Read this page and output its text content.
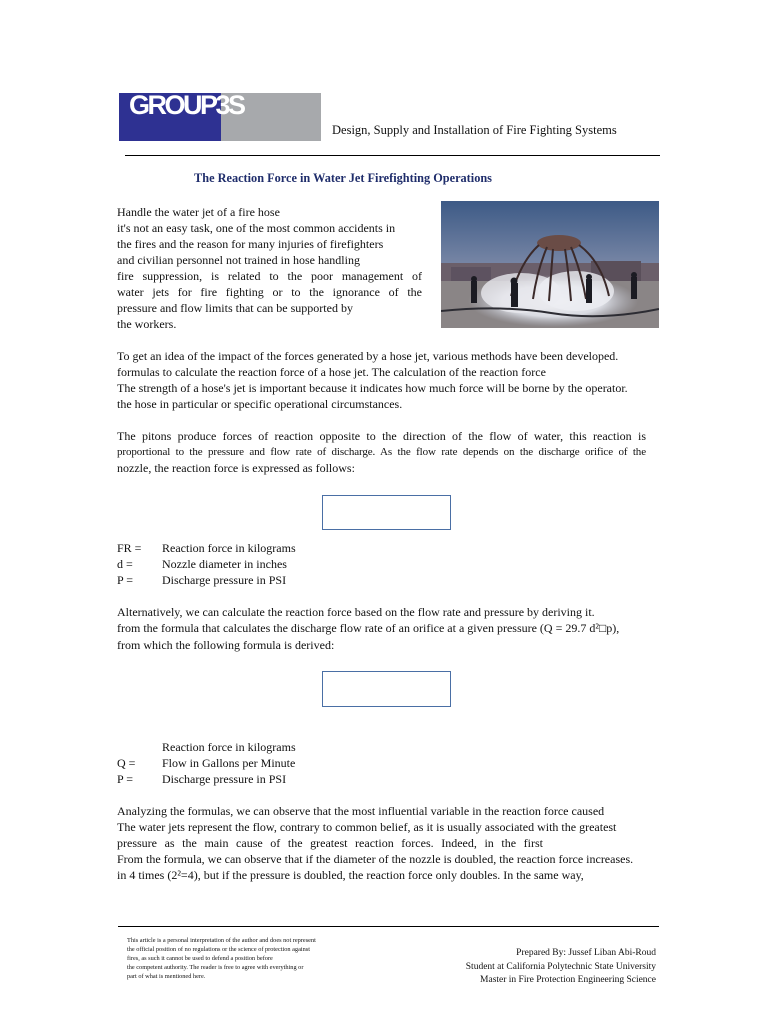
GROUP3S
Design, Supply and Installation of Fire Fighting Systems
The Reaction Force in Water Jet Firefighting Operations
Handle the water jet of a fire hose
it's not an easy task, one of the most common accidents in
the fires and the reason for many injuries of firefighters
and civilian personnel not trained in hose handling
fire suppression, is related to the poor management of
water jets for fire fighting or to the ignorance of the
pressure and flow limits that can be supported by
the workers.
To get an idea of the impact of the forces generated by a hose jet, various methods have been developed.
formulas to calculate the reaction force of a hose jet. The calculation of the reaction force
The strength of a hose's jet is important because it indicates how much force will be borne by the operator.
the hose in particular or specific operational circumstances.
The pitons produce forces of reaction opposite to the direction of the flow of water, this reaction is
proportional to the pressure and flow rate of discharge. As the flow rate depends on the discharge orifice of the
nozzle, the reaction force is expressed as follows:
FR = Reaction force in kilograms
d = Nozzle diameter in inches
P = Discharge pressure in PSI
Alternatively, we can calculate the reaction force based on the flow rate and pressure by deriving it.
from the formula that calculates the discharge flow rate of an orifice at a given pressure (Q = 29.7 d²□p),
from which the following formula is derived:
Reaction force in kilograms
Q = Flow in Gallons per Minute
P = Discharge pressure in PSI
Analyzing the formulas, we can observe that the most influential variable in the reaction force caused
The water jets represent the flow, contrary to common belief, as it is usually associated with the greatest
pressure as the main cause of the greatest reaction forces. Indeed, in the first
From the formula, we can observe that if the diameter of the nozzle is doubled, the reaction force increases.
in 4 times (2²=4), but if the pressure is doubled, the reaction force only doubles. In the same way,
This article is a personal interpretation of the author and does not represent
the official position of no regulations or the science of protection against
fires, as such it cannot be used to defend a position before
the competent authority. The reader is free to agree with everything or
part of what is mentioned here.
Prepared By: Jussef Liban Abi-Roud
Student at California Polytechnic State University
Master in Fire Protection Engineering Science
